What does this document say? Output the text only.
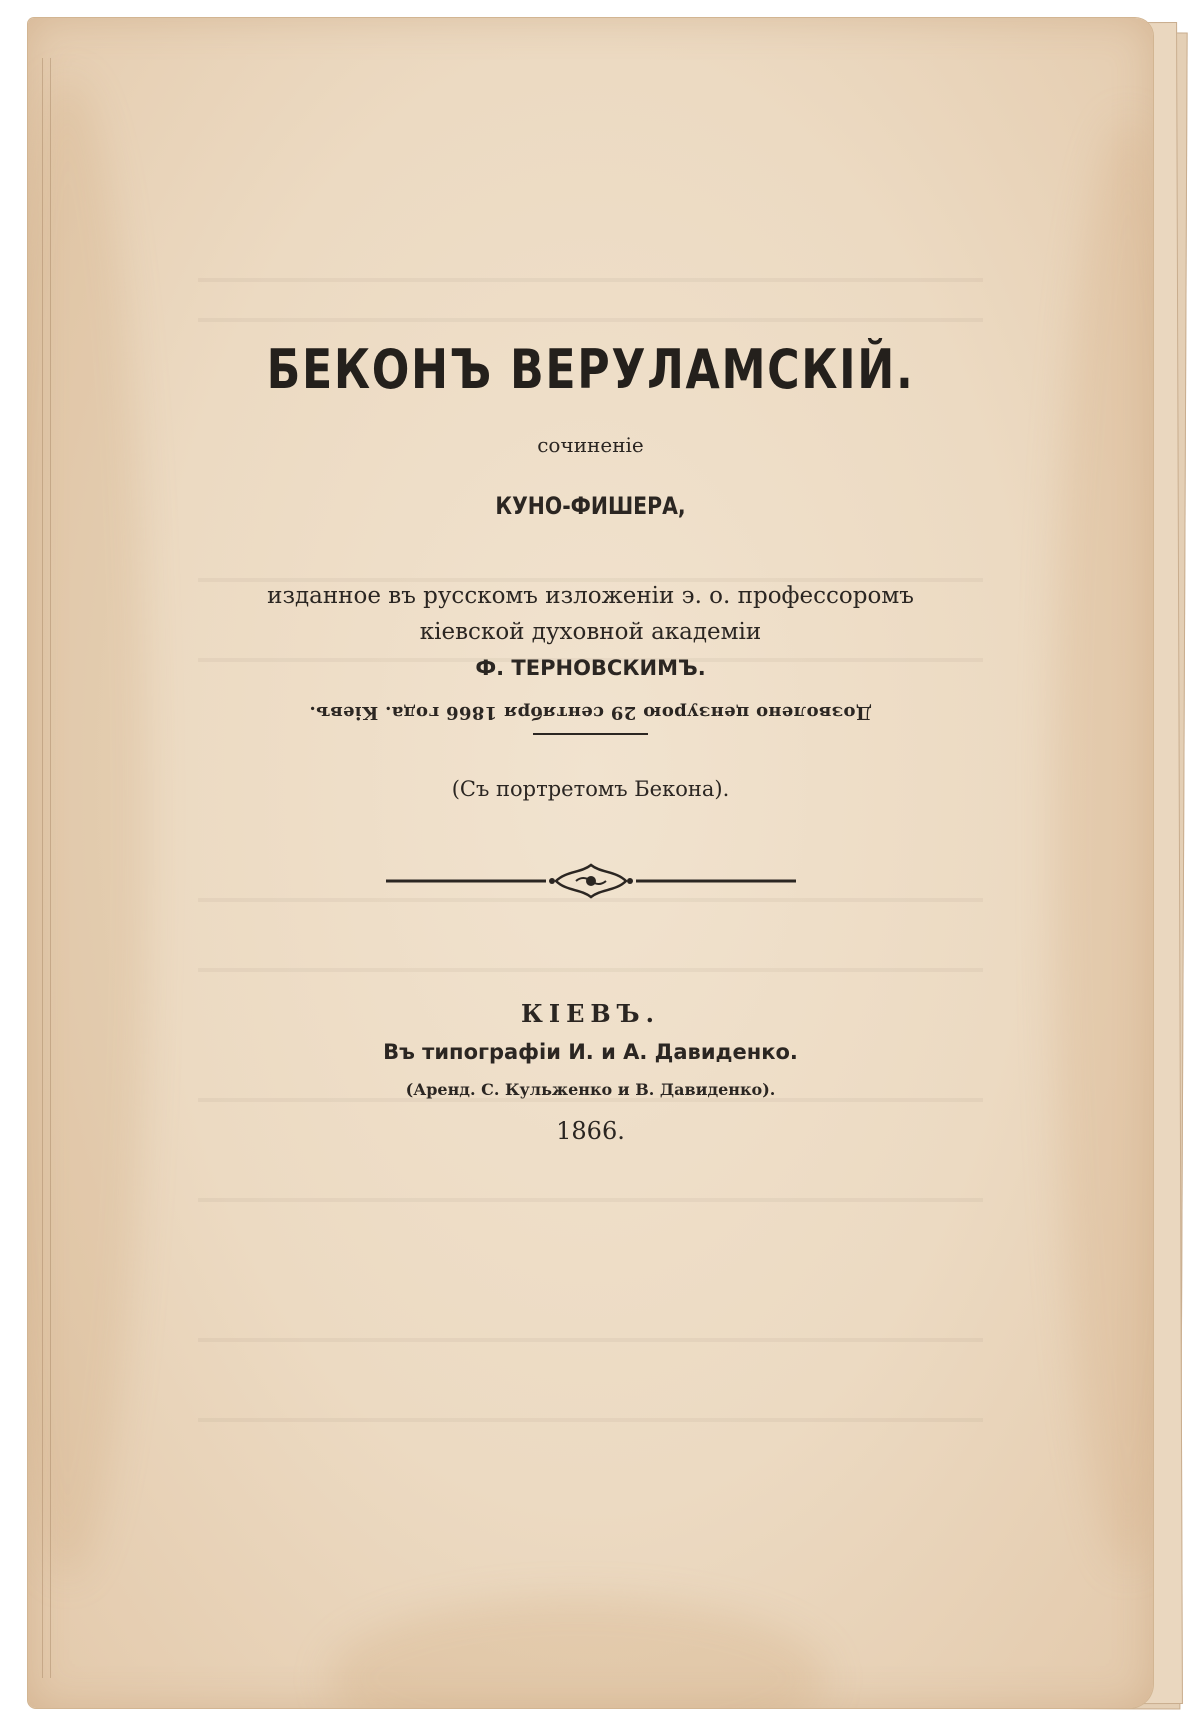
БЕКОНЪ ВЕРУЛАМСКІЙ.
сочиненіе
КУНО-ФИШЕРА,

изданное въ русскомъ изложеніи э. о. профессоромъ

кіевской духовной академіи

Ф. ТЕРНОВСКИМЪ.
Дозволено цензурою 29 сентября 1866 года. Кіевъ.
(Съ портретомъ Бекона).
КІЕВЪ.
Въ типографіи И. и А. Давиденко.
(Аренд. С. Кульженко и В. Давиденко).
1866.
